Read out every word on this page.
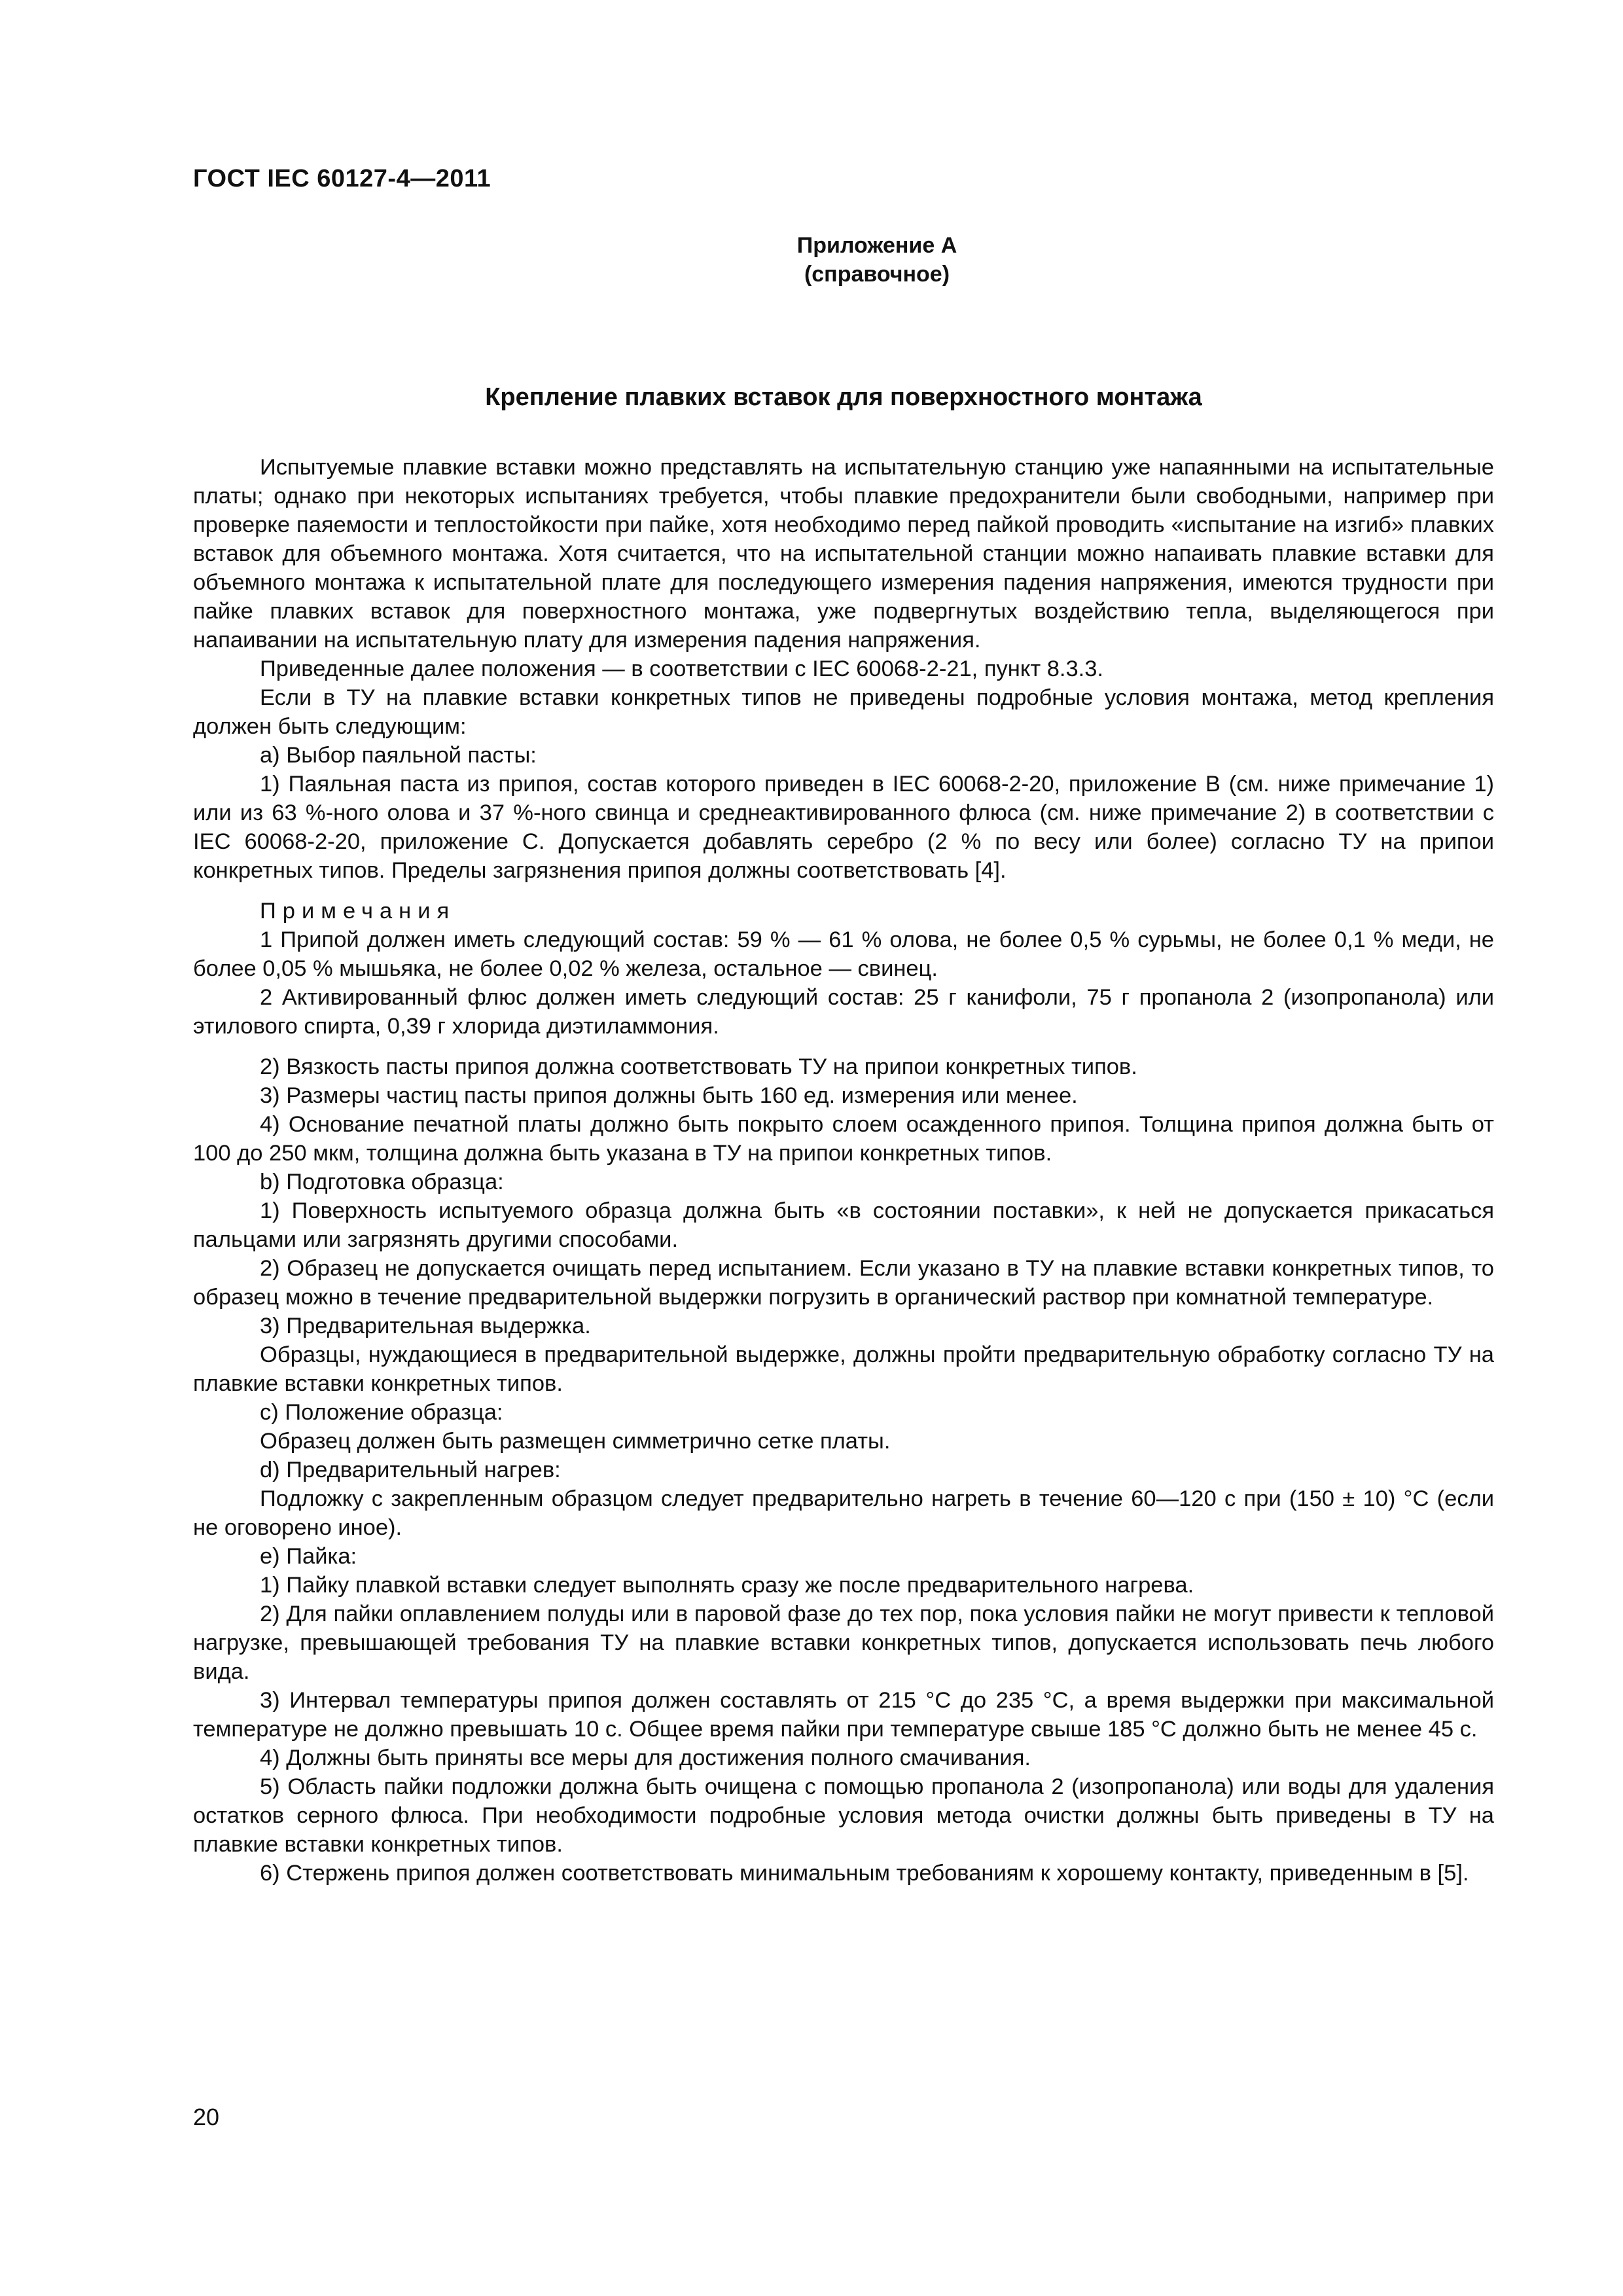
ГОСТ IEC 60127-4—2011
Приложение А
(справочное)
Крепление плавких вставок для поверхностного монтажа

Испытуемые плавкие вставки можно представлять на испытательную станцию уже напаянными на испытательные платы; однако при некоторых испытаниях требуется, чтобы плавкие предохранители были свободными, например при проверке паяемости и теплостойкости при пайке, хотя необходимо перед пайкой проводить «испытание на изгиб» плавких вставок для объемного монтажа. Хотя считается, что на испытательной станции можно напаивать плавкие вставки для объемного монтажа к испытательной плате для последующего измерения падения напряжения, имеются трудности при пайке плавких вставок для поверхностного монтажа, уже подвергнутых воздействию тепла, выделяющегося при напаивании на испытательную плату для измерения падения напряжения.

Приведенные далее положения — в соответствии с IEC 60068-2-21, пункт 8.3.3.

Если в ТУ на плавкие вставки конкретных типов не приведены подробные условия монтажа, метод крепления должен быть следующим:

a) Выбор паяльной пасты:

1) Паяльная паста из припоя, состав которого приведен в IEC 60068-2-20, приложение В (см. ниже примечание 1) или из 63 %-ного олова и 37 %-ного свинца и среднеактивированного флюса (см. ниже примечание 2) в соответствии с IEC 60068-2-20, приложение С. Допускается добавлять серебро (2 % по весу или более) согласно ТУ на припои конкретных типов. Пределы загрязнения припоя должны соответствовать [4].

Примечания

1 Припой должен иметь следующий состав: 59 % — 61 % олова, не более 0,5 % сурьмы, не более 0,1 % меди, не более 0,05 % мышьяка, не более 0,02 % железа, остальное — свинец.

2 Активированный флюс должен иметь следующий состав: 25 г канифоли, 75 г пропанола 2 (изопропанола) или этилового спирта, 0,39 г хлорида диэтиламмония.

2) Вязкость пасты припоя должна соответствовать ТУ на припои конкретных типов.

3) Размеры частиц пасты припоя должны быть 160 ед. измерения или менее.

4) Основание печатной платы должно быть покрыто слоем осажденного припоя. Толщина припоя должна быть от 100 до 250 мкм, толщина должна быть указана в ТУ на припои конкретных типов.

b) Подготовка образца:

1) Поверхность испытуемого образца должна быть «в состоянии поставки», к ней не допускается прикасаться пальцами или загрязнять другими способами.

2) Образец не допускается очищать перед испытанием. Если указано в ТУ на плавкие вставки конкретных типов, то образец можно в течение предварительной выдержки погрузить в органический раствор при комнатной температуре.

3) Предварительная выдержка.

Образцы, нуждающиеся в предварительной выдержке, должны пройти предварительную обработку согласно ТУ на плавкие вставки конкретных типов.

c) Положение образца:

Образец должен быть размещен симметрично сетке платы.

d) Предварительный нагрев:

Подложку с закрепленным образцом следует предварительно нагреть в течение 60—120 с при (150 ± 10) °C (если не оговорено иное).

e) Пайка:

1) Пайку плавкой вставки следует выполнять сразу же после предварительного нагрева.

2) Для пайки оплавлением полуды или в паровой фазе до тех пор, пока условия пайки не могут привести к тепловой нагрузке, превышающей требования ТУ на плавкие вставки конкретных типов, допускается использовать печь любого вида.

3) Интервал температуры припоя должен составлять от 215 °C до 235 °C, а время выдержки при максимальной температуре не должно превышать 10 с. Общее время пайки при температуре свыше 185 °C должно быть не менее 45 с.

4) Должны быть приняты все меры для достижения полного смачивания.

5) Область пайки подложки должна быть очищена с помощью пропанола 2 (изопропанола) или воды для удаления остатков серного флюса. При необходимости подробные условия метода очистки должны быть приведены в ТУ на плавкие вставки конкретных типов.

6) Стержень припоя должен соответствовать минимальным требованиям к хорошему контакту, приведенным в [5].

20
